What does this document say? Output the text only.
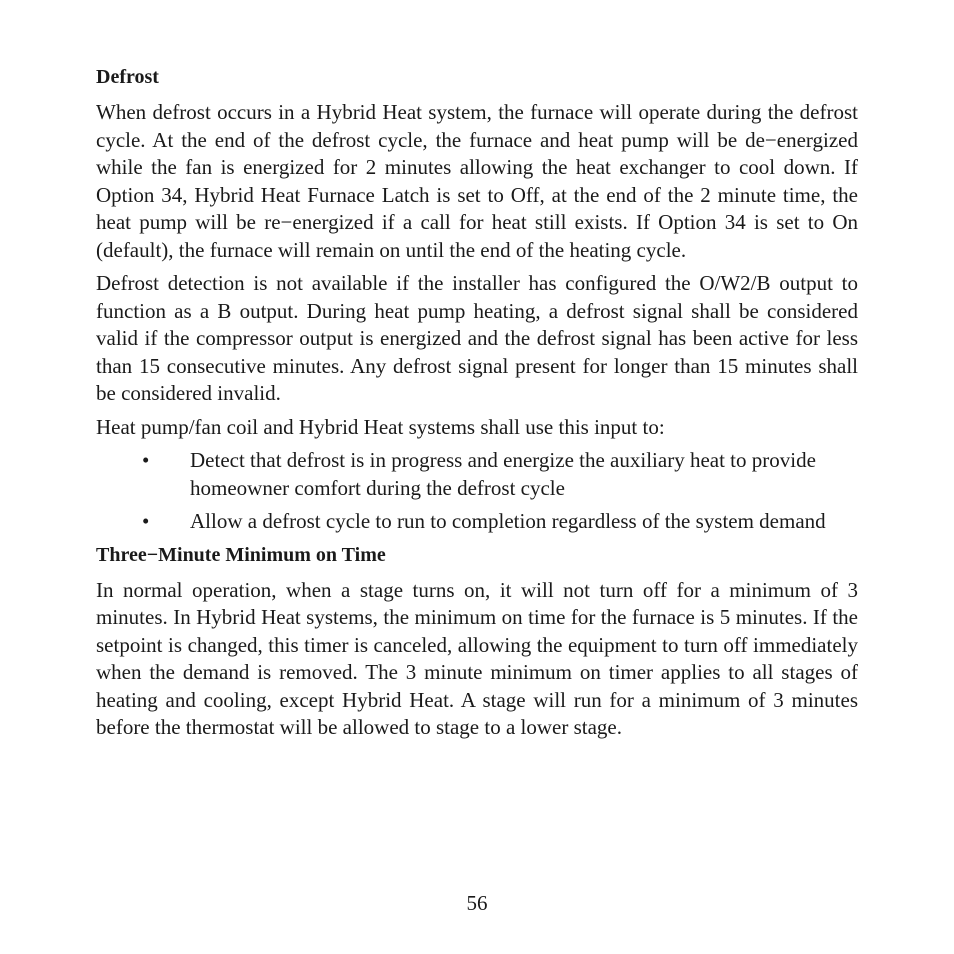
Defrost

When defrost occurs in a Hybrid Heat system, the furnace will operate during the defrost cycle. At the end of the defrost cycle, the furnace and heat pump will be de−energized while the fan is energized for 2 minutes allowing the heat exchanger to cool down. If Option 34, Hybrid Heat Furnace Latch is set to Off, at the end of the 2 minute time, the heat pump will be re−energized if a call for heat still exists. If Option 34 is set to On (default), the furnace will remain on until the end of the heating cycle.

Defrost detection is not available if the installer has configured the O/W2/B output to function as a B output. During heat pump heating, a defrost signal shall be considered valid if the compressor output is energized and the defrost signal has been active for less than 15 consecutive minutes. Any defrost signal present for longer than 15 minutes shall be considered invalid.

Heat pump/fan coil and Hybrid Heat systems shall use this input to:

• Detect that defrost is in progress and energize the auxiliary heat to provide homeowner comfort during the defrost cycle
• Allow a defrost cycle to run to completion regardless of the system demand
Three−Minute Minimum on Time

In normal operation, when a stage turns on, it will not turn off for a minimum of 3 minutes. In Hybrid Heat systems, the minimum on time for the furnace is 5 minutes. If the setpoint is changed, this timer is canceled, allowing the equipment to turn off immediately when the demand is removed. The 3 minute minimum on timer applies to all stages of heating and cooling, except Hybrid Heat. A stage will run for a minimum of 3 minutes before the thermostat will be allowed to stage to a lower stage.

56
